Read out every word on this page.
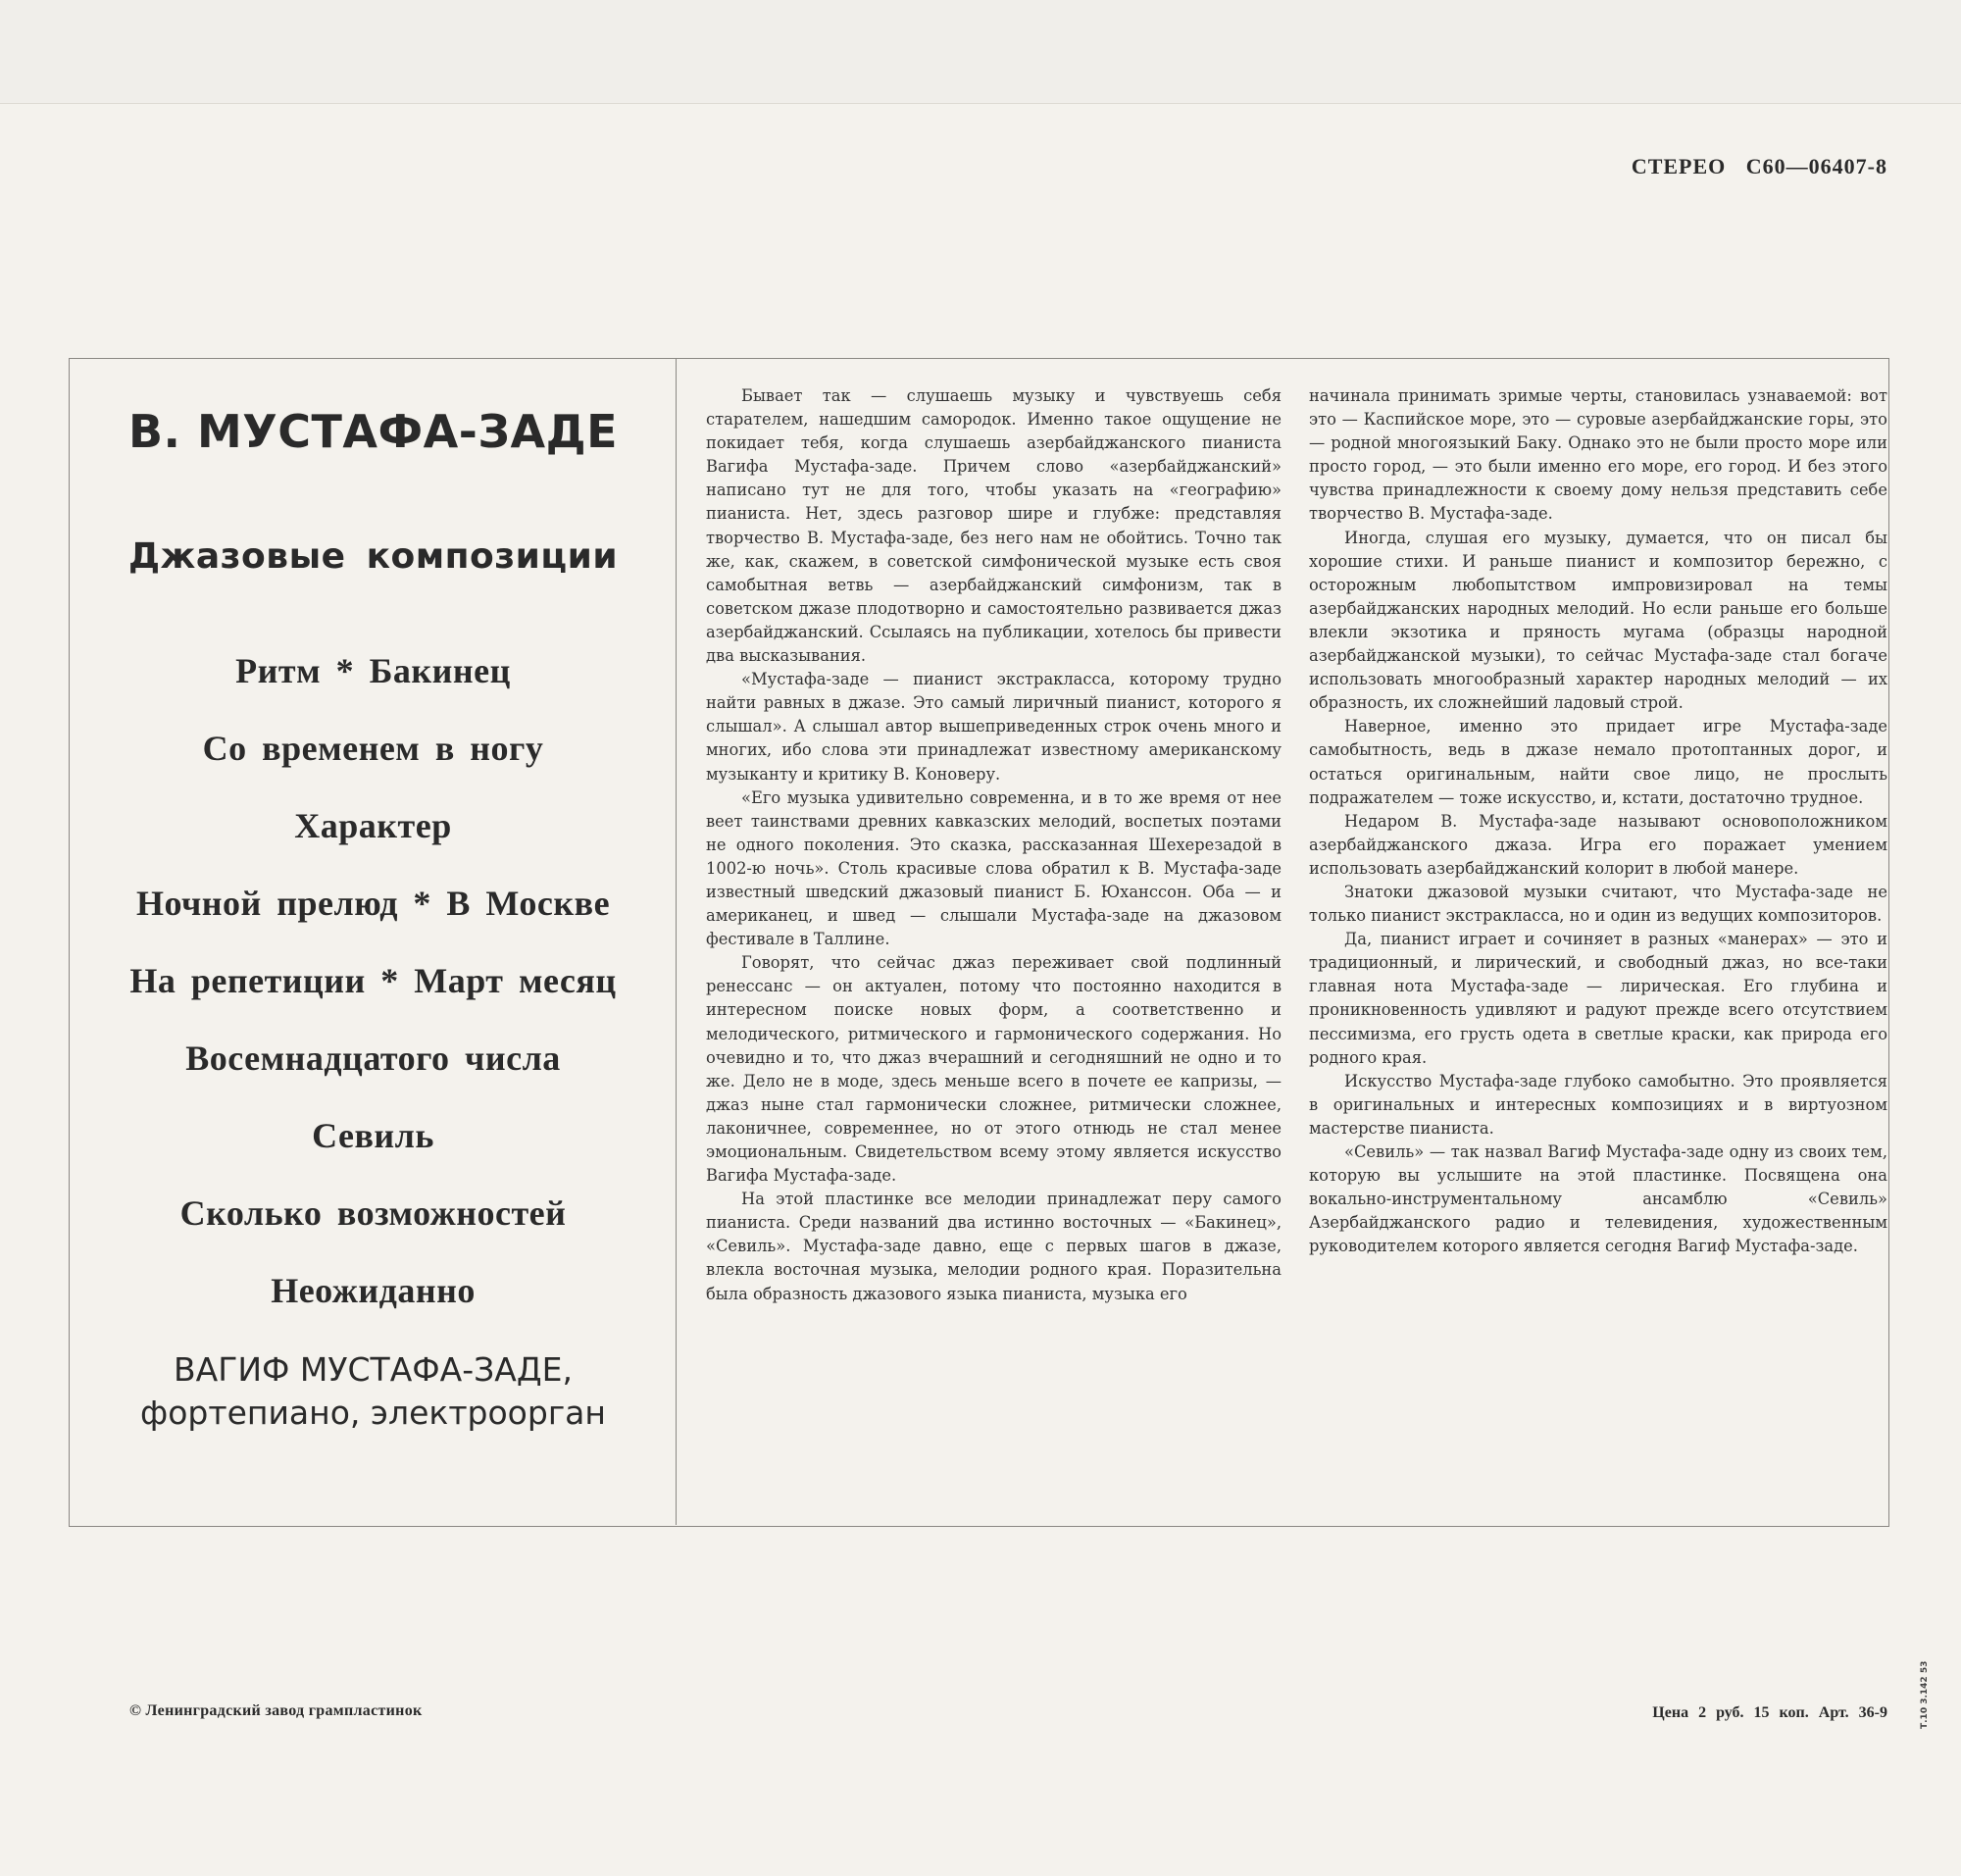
СТЕРЕО С60—06407-8
В. МУСТАФА-ЗАДЕ
Джазовые композиции
Ритм * Бакинец
Со временем в ногу
Характер
Ночной прелюд * В Москве
На репетиции * Март месяц
Восемнадцатого числа
Севиль
Сколько возможностей
Неожиданно
ВАГИФ МУСТАФА-ЗАДЕ,
фортепиано, электроорган

Бывает так — слушаешь музыку и чувствуешь себя старателем, нашедшим самородок. Именно такое ощущение не покидает тебя, когда слушаешь азербайджанского пианиста Вагифа Мустафа-заде. Причем слово «азербайджанский» написано тут не для того, чтобы указать на «географию» пианиста. Нет, здесь разговор шире и глубже: представляя творчество В. Мустафа-заде, без него нам не обойтись. Точно так же, как, скажем, в советской симфонической музыке есть своя самобытная ветвь — азербайджанский симфонизм, так в советском джазе плодотворно и самостоятельно развивается джаз азербайджанский. Ссылаясь на публикации, хотелось бы привести два высказывания.

«Мустафа-заде — пианист экстракласса, которому трудно найти равных в джазе. Это самый лиричный пианист, которого я слышал». А слышал автор вышеприведенных строк очень много и многих, ибо слова эти принадлежат известному американскому музыканту и критику В. Коноверу.

«Его музыка удивительно современна, и в то же время от нее веет таинствами древних кавказских мелодий, воспетых поэтами не одного поколения. Это сказка, рассказанная Шехерезадой в 1002-ю ночь». Столь красивые слова обратил к В. Мустафа-заде известный шведский джазовый пианист Б. Юханссон. Оба — и американец, и швед — слышали Мустафа-заде на джазовом фестивале в Таллине.

Говорят, что сейчас джаз переживает свой подлинный ренессанс — он актуален, потому что постоянно находится в интересном поиске новых форм, а соответственно и мелодического, ритмического и гармонического содержания. Но очевидно и то, что джаз вчерашний и сегодняшний не одно и то же. Дело не в моде, здесь меньше всего в почете ее капризы, — джаз ныне стал гармонически сложнее, ритмически сложнее, лаконичнее, современнее, но от этого отнюдь не стал менее эмоциональным. Свидетельством всему этому является искусство Вагифа Мустафа-заде.

На этой пластинке все мелодии принадлежат перу самого пианиста. Среди названий два истинно восточных — «Бакинец», «Севиль». Мустафа-заде давно, еще с первых шагов в джазе, влекла восточная музыка, мелодии родного края. Поразительна была образность джазового языка пианиста, музыка его

начинала принимать зримые черты, становилась узнаваемой: вот это — Каспийское море, это — суровые азербайджанские горы, это — родной многоязыкий Баку. Однако это не были просто море или просто город, — это были именно его море, его город. И без этого чувства принадлежности к своему дому нельзя представить себе творчество В. Мустафа-заде.

Иногда, слушая его музыку, думается, что он писал бы хорошие стихи. И раньше пианист и композитор бережно, с осторожным любопытством импровизировал на темы азербайджанских народных мелодий. Но если раньше его больше влекли экзотика и пряность мугама (образцы народной азербайджанской музыки), то сейчас Мустафа-заде стал богаче использовать многообразный характер народных мелодий — их образность, их сложнейший ладовый строй.

Наверное, именно это придает игре Мустафа-заде самобытность, ведь в джазе немало протоптанных дорог, и остаться оригинальным, найти свое лицо, не прослыть подражателем — тоже искусство, и, кстати, достаточно трудное.

Недаром В. Мустафа-заде называют основоположником азербайджанского джаза. Игра его поражает умением использовать азербайджанский колорит в любой манере.

Знатоки джазовой музыки считают, что Мустафа-заде не только пианист экстракласса, но и один из ведущих композиторов.

Да, пианист играет и сочиняет в разных «манерах» — это и традиционный, и лирический, и свободный джаз, но все-таки главная нота Мустафа-заде — лирическая. Его глубина и проникновенность удивляют и радуют прежде всего отсутствием пессимизма, его грусть одета в светлые краски, как природа его родного края.

Искусство Мустафа-заде глубоко самобытно. Это проявляется в оригинальных и интересных композициях и в виртуозном мастерстве пианиста.

«Севиль» — так назвал Вагиф Мустафа-заде одну из своих тем, которую вы услышите на этой пластинке. Посвящена она вокально-инструментальному ансамблю «Севиль» Азербайджанского радио и телевидения, художественным руководителем которого является сегодня Вагиф Мустафа-заде.

© Ленинградский завод грампластинок	Цена 2 руб. 15 коп. Арт. 36-9	Т.10 3.142 53
